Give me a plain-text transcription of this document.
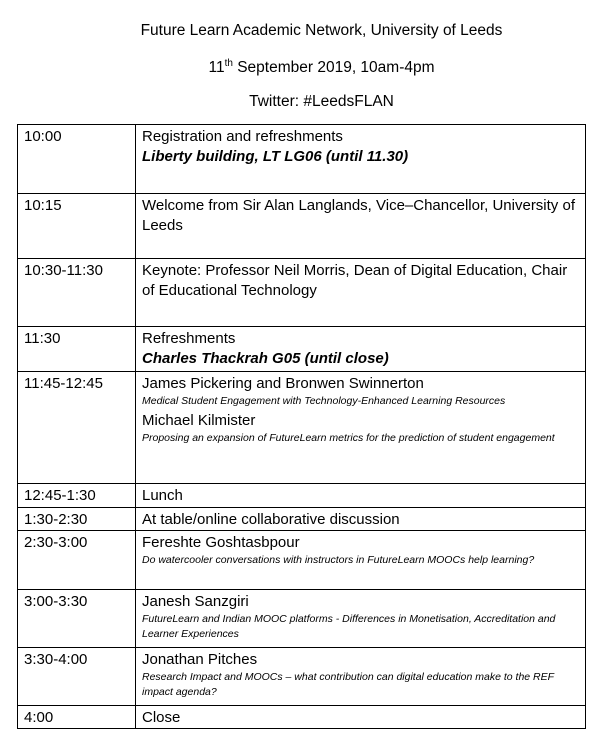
Future Learn Academic Network, University of Leeds
11th September 2019, 10am-4pm
Twitter: #LeedsFLAN
10:00	Registration and refreshments
Liberty building, LT LG06 (until 11.30)

10:15	Welcome from Sir Alan Langlands, Vice–Chancellor, University of Leeds

10:30-11:30	Keynote: Professor Neil Morris, Dean of Digital Education, Chair of Educational Technology

11:30	Refreshments
Charles Thackrah G05 (until close)

11:45-12:45	James Pickering and Bronwen Swinnerton
Medical Student Engagement with Technology-Enhanced Learning Resources
Michael Kilmister
Proposing an expansion of FutureLearn metrics for the prediction of student engagement

12:45-1:30	Lunch

1:30-2:30	At table/online collaborative discussion

2:30-3:00	Fereshte Goshtasbpour
Do watercooler conversations with instructors in FutureLearn MOOCs help learning?

3:00-3:30	Janesh Sanzgiri
FutureLearn and Indian MOOC platforms - Differences in Monetisation, Accreditation and Learner Experiences

3:30-4:00	Jonathan Pitches
Research Impact and MOOCs – what contribution can digital education make to the REF impact agenda?

4:00	Close
